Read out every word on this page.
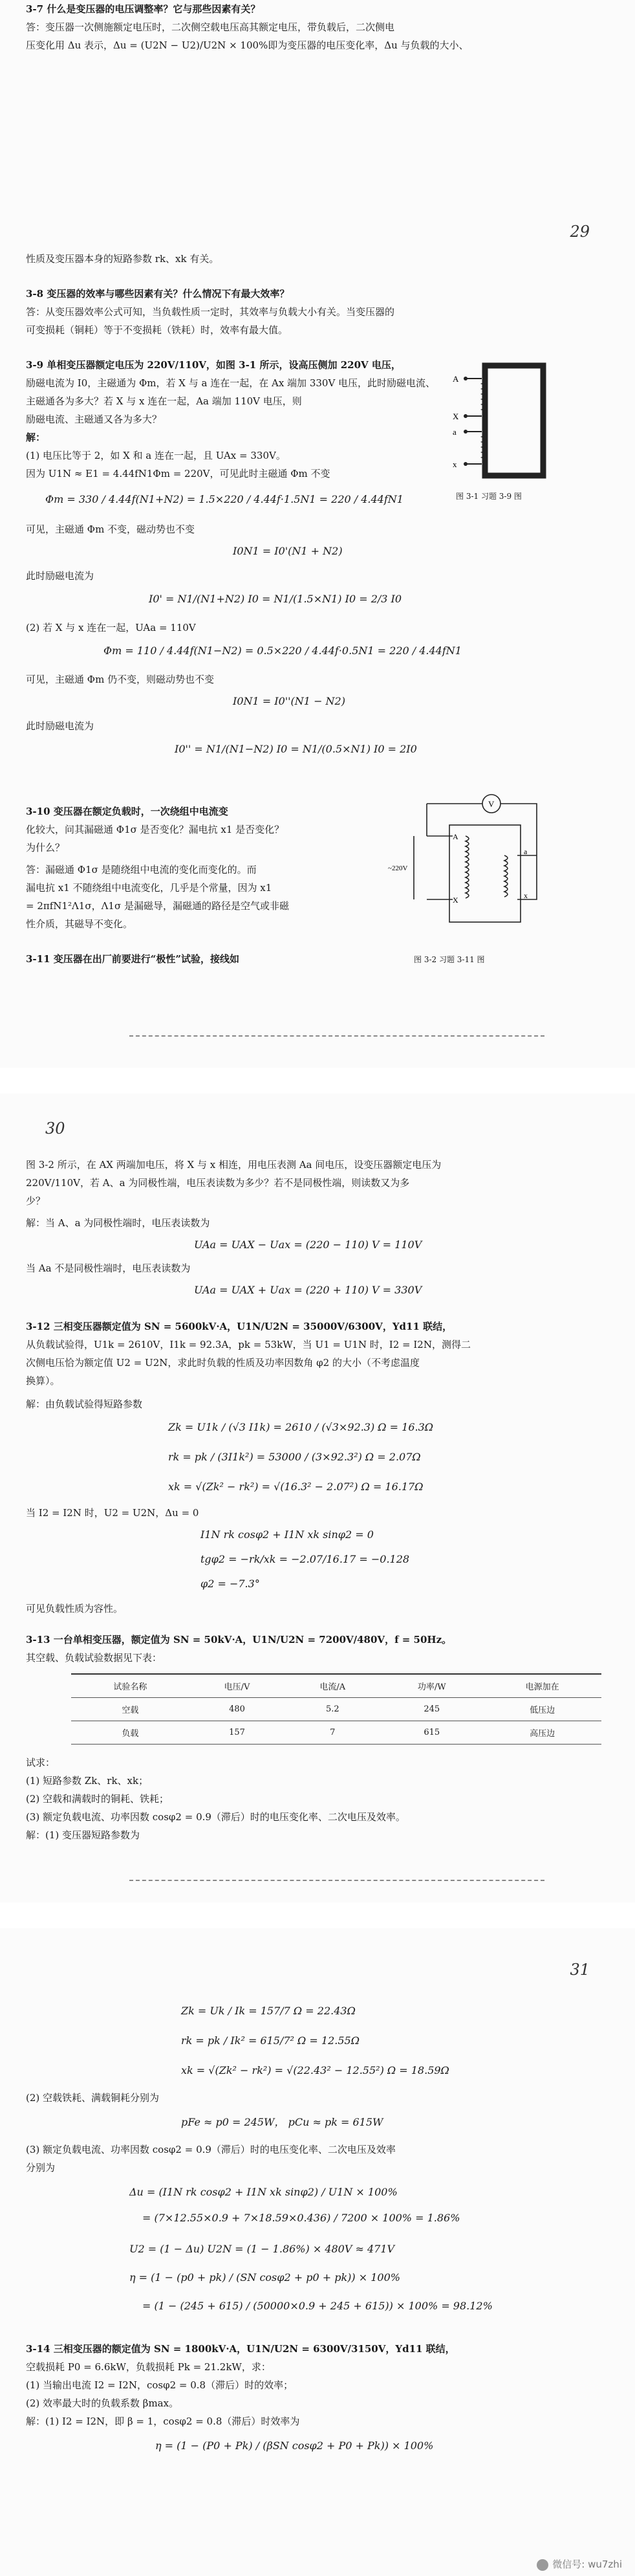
3-7 什么是变压器的电压调整率？它与那些因素有关？
答：变压器一次侧施额定电压时，二次侧空载电压高其额定电压，带负载后，二次侧电
压变化用 Δu 表示，Δu = (U2N − U2)/U2N × 100%即为变压器的电压变化率，Δu 与负载的大小、
29
性质及变压器本身的短路参数 rk、xk 有关。
3-8 变压器的效率与哪些因素有关？什么情况下有最大效率？
答：从变压器效率公式可知，当负载性质一定时，其效率与负载大小有关。当变压器的
可变损耗（铜耗）等于不变损耗（铁耗）时，效率有最大值。
3-9 单相变压器额定电压为 220V/110V，如图 3-1 所示，设高压侧加 220V 电压，
励磁电流为 I0，主磁通为 Φm，若 X 与 a 连在一起，在 Ax 端加 330V 电压，此时励磁电流、
主磁通各为多大？若 X 与 x 连在一起，Aa 端加 110V 电压，则
励磁电流、主磁通又各为多大？
解：
(1) 电压比等于 2，如 X 和 a 连在一起，且 UAx = 330V。
因为 U1N ≈ E1 = 4.44fN1Φm = 220V，可见此时主磁通 Φm 不变
Φm = 330 / 4.44f(N1+N2) = 1.5×220 / 4.44f·1.5N1 = 220 / 4.44fN1
可见，主磁通 Φm 不变，磁动势也不变
I0N1 = I0'(N1 + N2)
此时励磁电流为
I0' = N1/(N1+N2) I0 = N1/(1.5×N1) I0 = 2/3 I0
(2) 若 X 与 x 连在一起，UAa = 110V
Φm = 110 / 4.44f(N1−N2) = 0.5×220 / 4.44f·0.5N1 = 220 / 4.44fN1
可见，主磁通 Φm 仍不变，则磁动势也不变
I0N1 = I0''(N1 − N2)
此时励磁电流为
I0'' = N1/(N1−N2) I0 = N1/(0.5×N1) I0 = 2I0
A
X
a
x
图 3-1 习题 3-9 图
3-10 变压器在额定负载时，一次绕组中电流变
化较大，问其漏磁通 Φ1σ 是否变化？漏电抗 x1 是否变化？
为什么？
答：漏磁通 Φ1σ 是随绕组中电流的变化而变化的。而
漏电抗 x1 不随绕组中电流变化，几乎是个常量，因为 x1
= 2πfN1²Λ1σ，Λ1σ 是漏磁导，漏磁通的路径是空气或非磁
性介质，其磁导不变化。
V
A
X
a
x
~220V
图 3-2 习题 3-11 图
3-11 变压器在出厂前要进行“极性”试验，接线如
30
图 3-2 所示，在 AX 两端加电压，将 X 与 x 相连，用电压表测 Aa 间电压，设变压器额定电压为
220V/110V，若 A、a 为同极性端，电压表读数为多少？若不是同极性端，则读数又为多
少？
解：当 A、a 为同极性端时，电压表读数为
UAa = UAX − Uax = (220 − 110) V = 110V
当 Aa 不是同极性端时，电压表读数为
UAa = UAX + Uax = (220 + 110) V = 330V
3-12 三相变压器额定值为 SN = 5600kV·A，U1N/U2N = 35000V/6300V，Yd11 联结，
从负载试验得，U1k = 2610V，I1k = 92.3A，pk = 53kW，当 U1 = U1N 时，I2 = I2N，测得二
次侧电压恰为额定值 U2 = U2N，求此时负载的性质及功率因数角 φ2 的大小（不考虑温度
换算）。
解：由负载试验得短路参数
Zk = U1k / (√3 I1k) = 2610 / (√3×92.3) Ω = 16.3Ω
rk = pk / (3I1k²) = 53000 / (3×92.3²) Ω = 2.07Ω
xk = √(Zk² − rk²) = √(16.3² − 2.07²) Ω = 16.17Ω
当 I2 = I2N 时，U2 = U2N，Δu = 0
I1N rk cosφ2 + I1N xk sinφ2 = 0
tgφ2 = −rk/xk = −2.07/16.17 = −0.128
φ2 = −7.3°
可见负载性质为容性。
3-13 一台单相变压器，额定值为 SN = 50kV·A，U1N/U2N = 7200V/480V，f = 50Hz。
其空载、负载试验数据见下表：
试验名称	电压/V	电流/A	功率/W	电源加在
空载	480	5.2	245	低压边
负载	157	7	615	高压边
试求：
(1) 短路参数 Zk、rk、xk；
(2) 空载和满载时的铜耗、铁耗；
(3) 额定负载电流、功率因数 cosφ2 = 0.9（滞后）时的电压变化率、二次电压及效率。
解：(1) 变压器短路参数为
31
Zk = Uk / Ik = 157/7 Ω = 22.43Ω
rk = pk / Ik² = 615/7² Ω = 12.55Ω
xk = √(Zk² − rk²) = √(22.43² − 12.55²) Ω = 18.59Ω
(2) 空载铁耗、满载铜耗分别为
pFe ≈ p0 = 245W， pCu ≈ pk = 615W
(3) 额定负载电流、功率因数 cosφ2 = 0.9（滞后）时的电压变化率、二次电压及效率
分别为
Δu = (I1N rk cosφ2 + I1N xk sinφ2) / U1N × 100%
= (7×12.55×0.9 + 7×18.59×0.436) / 7200 × 100% = 1.86%
U2 = (1 − Δu) U2N = (1 − 1.86%) × 480V ≈ 471V
η = (1 − (p0 + pk) / (SN cosφ2 + p0 + pk)) × 100%
= (1 − (245 + 615) / (50000×0.9 + 245 + 615)) × 100% = 98.12%
3-14 三相变压器的额定值为 SN = 1800kV·A，U1N/U2N = 6300V/3150V，Yd11 联结，
空载损耗 P0 = 6.6kW，负载损耗 Pk = 21.2kW，求：
(1) 当输出电流 I2 = I2N，cosφ2 = 0.8（滞后）时的效率；
(2) 效率最大时的负载系数 βmax。
解：(1) I2 = I2N，即 β = 1，cosφ2 = 0.8（滞后）时效率为
η = (1 − (P0 + Pk) / (βSN cosφ2 + P0 + Pk)) × 100%
微信号: wu7zhi
